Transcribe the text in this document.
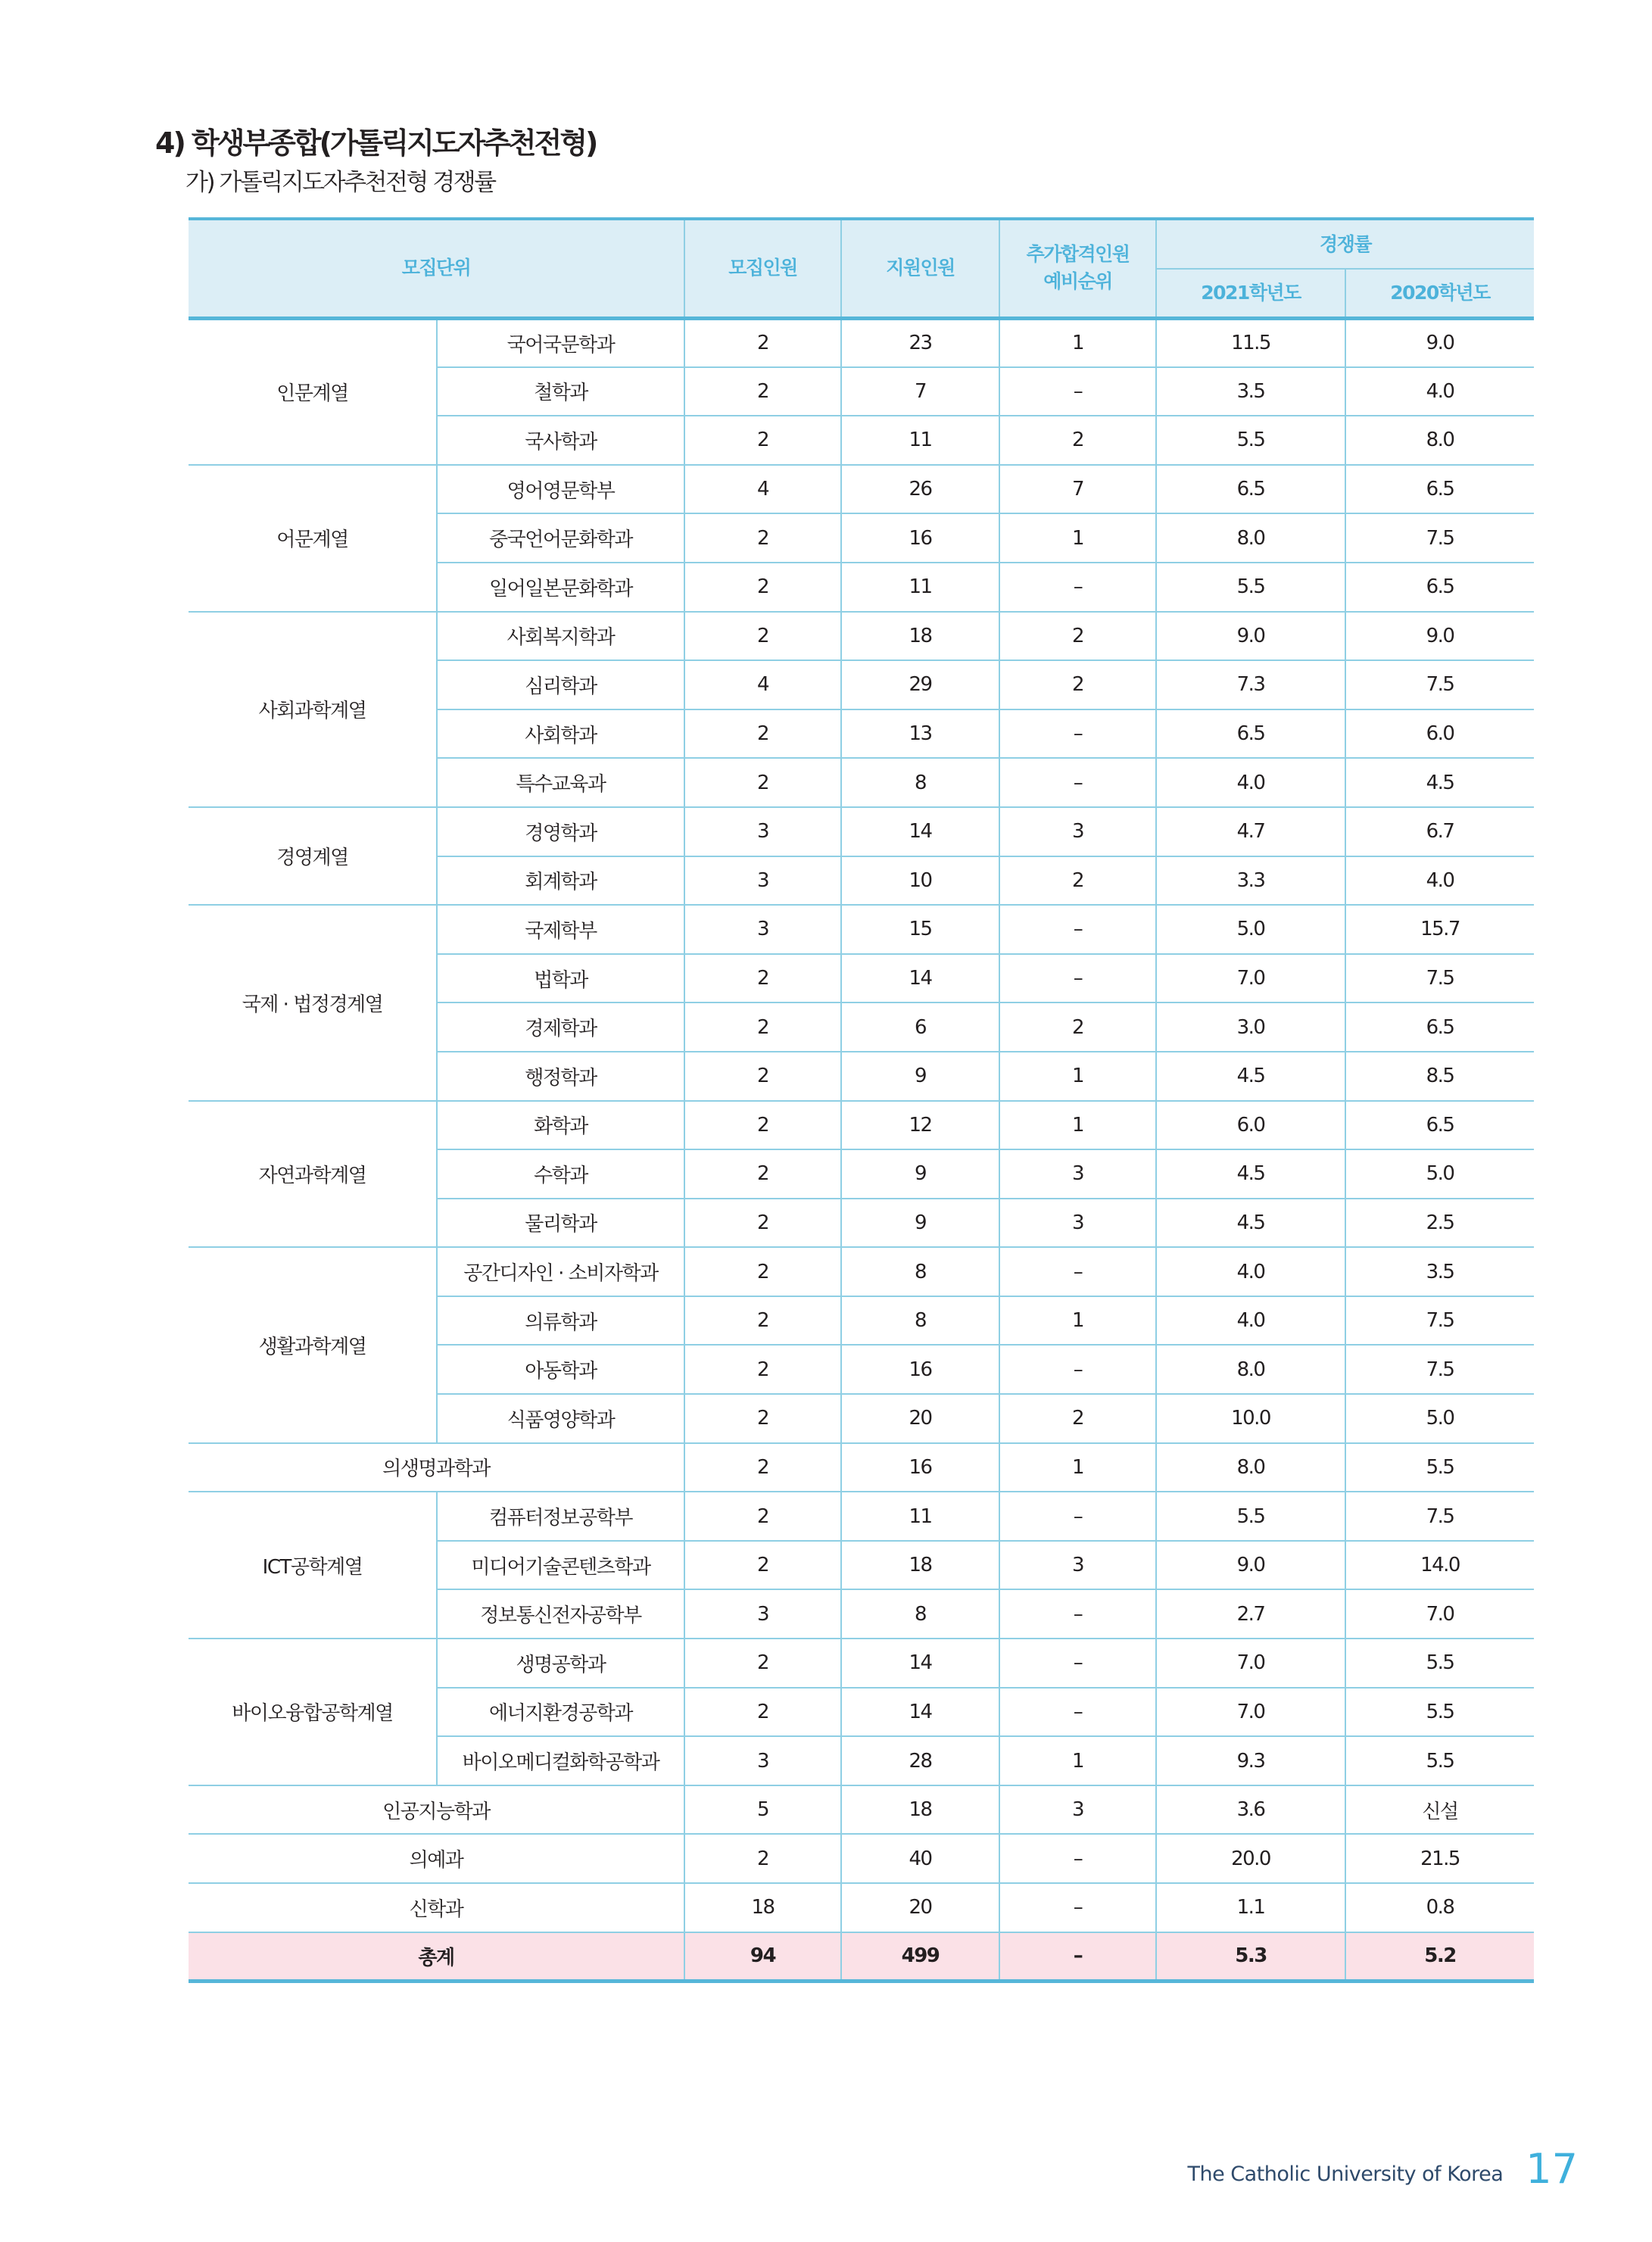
4) 학생부종합(가톨릭지도자추천전형)
가) 가톨릭지도자추천전형 경쟁률
모집단위		모집인원	지원인원	추가합격인원
예비순위	경쟁률	
					2021학년도	2020학년도
인문계열	국어국문학과	2	23	1	11.5	9.0
	철학과	2	7	–	3.5	4.0
	국사학과	2	11	2	5.5	8.0
어문계열	영어영문학부	4	26	7	6.5	6.5
	중국언어문화학과	2	16	1	8.0	7.5
	일어일본문화학과	2	11	–	5.5	6.5
사회과학계열	사회복지학과	2	18	2	9.0	9.0
	심리학과	4	29	2	7.3	7.5
	사회학과	2	13	–	6.5	6.0
	특수교육과	2	8	–	4.0	4.5
경영계열	경영학과	3	14	3	4.7	6.7
	회계학과	3	10	2	3.3	4.0
국제 · 법정경계열	국제학부	3	15	–	5.0	15.7
	법학과	2	14	–	7.0	7.5
	경제학과	2	6	2	3.0	6.5
	행정학과	2	9	1	4.5	8.5
자연과학계열	화학과	2	12	1	6.0	6.5
	수학과	2	9	3	4.5	5.0
	물리학과	2	9	3	4.5	2.5
생활과학계열	공간디자인 · 소비자학과	2	8	–	4.0	3.5
	의류학과	2	8	1	4.0	7.5
	아동학과	2	16	–	8.0	7.5
	식품영양학과	2	20	2	10.0	5.0
의생명과학과		2	16	1	8.0	5.5
ICT공학계열	컴퓨터정보공학부	2	11	–	5.5	7.5
	미디어기술콘텐츠학과	2	18	3	9.0	14.0
	정보통신전자공학부	3	8	–	2.7	7.0
바이오융합공학계열	생명공학과	2	14	–	7.0	5.5
	에너지환경공학과	2	14	–	7.0	5.5
	바이오메디컬화학공학과	3	28	1	9.3	5.5
인공지능학과		5	18	3	3.6	신설
의예과		2	40	–	20.0	21.5
신학과		18	20	–	1.1	0.8
총계		94	499	–	5.3	5.2
The Catholic University of Korea 17
